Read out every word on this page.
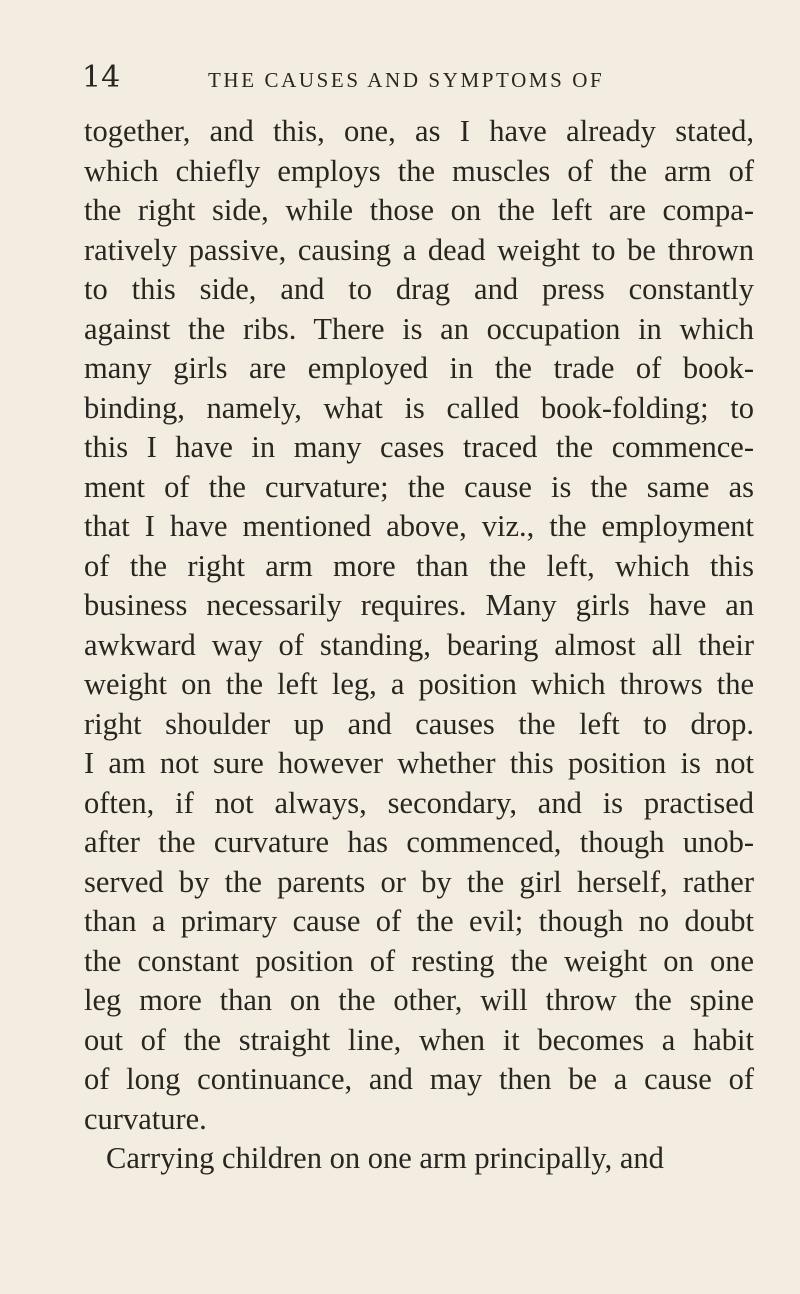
14	THE CAUSES AND SYMPTOMS OF
together, and this, one, as I have already stated,
which chiefly employs the muscles of the arm of
the right side, while those on the left are compa-
ratively passive, causing a dead weight to be thrown
to this side, and to drag and press constantly
against the ribs. There is an occupation in which
many girls are employed in the trade of book-
binding, namely, what is called book-folding; to
this I have in many cases traced the commence-
ment of the curvature; the cause is the same as
that I have mentioned above, viz., the employment
of the right arm more than the left, which this
business necessarily requires. Many girls have an
awkward way of standing, bearing almost all their
weight on the left leg, a position which throws the
right shoulder up and causes the left to drop.
I am not sure however whether this position is not
often, if not always, secondary, and is practised
after the curvature has commenced, though unob-
served by the parents or by the girl herself, rather
than a primary cause of the evil; though no doubt
the constant position of resting the weight on one
leg more than on the other, will throw the spine
out of the straight line, when it becomes a habit
of long continuance, and may then be a cause of
curvature.
Carrying children on one arm principally, and
